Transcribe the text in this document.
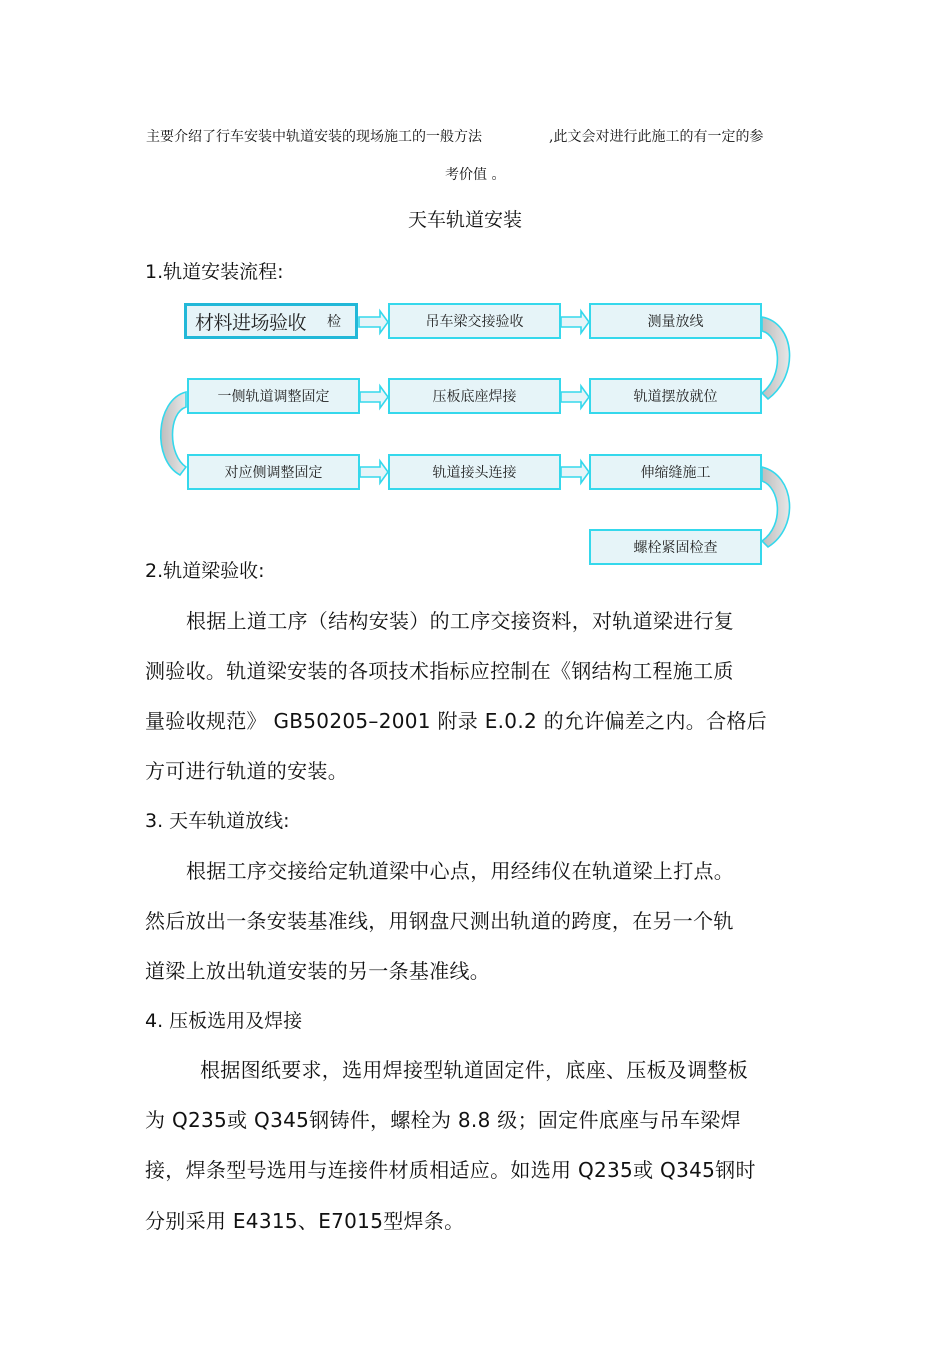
主要介绍了行车安装中轨道安装的现场施工的一般方法	,此文会对进行此施工的有一定的参
考价值 。
天车轨道安装
1.轨道安装流程:
材料进场验收 检	吊车梁交接验收	测量放线
一侧轨道调整固定	压板底座焊接	轨道摆放就位
对应侧调整固定	轨道接头连接	伸缩缝施工
螺栓紧固检查
2.轨道梁验收:
根据上道工序（结构安装）的工序交接资料，对轨道梁进行复
测验收。轨道梁安装的各项技术指标应控制在《钢结构工程施工质
量验收规范》 GB50205–2001 附录 E.0.2 的允许偏差之内。合格后
方可进行轨道的安装。
3. 天车轨道放线:
根据工序交接给定轨道梁中心点，用经纬仪在轨道梁上打点。
然后放出一条安装基准线，用钢盘尺测出轨道的跨度，在另一个轨
道梁上放出轨道安装的另一条基准线。
4. 压板选用及焊接
根据图纸要求，选用焊接型轨道固定件，底座、压板及调整板
为 Q235或 Q345钢铸件，螺栓为 8.8 级；固定件底座与吊车梁焊
接，焊条型号选用与连接件材质相适应。如选用 Q235或 Q345钢时
分别采用 E4315、E7015型焊条。
